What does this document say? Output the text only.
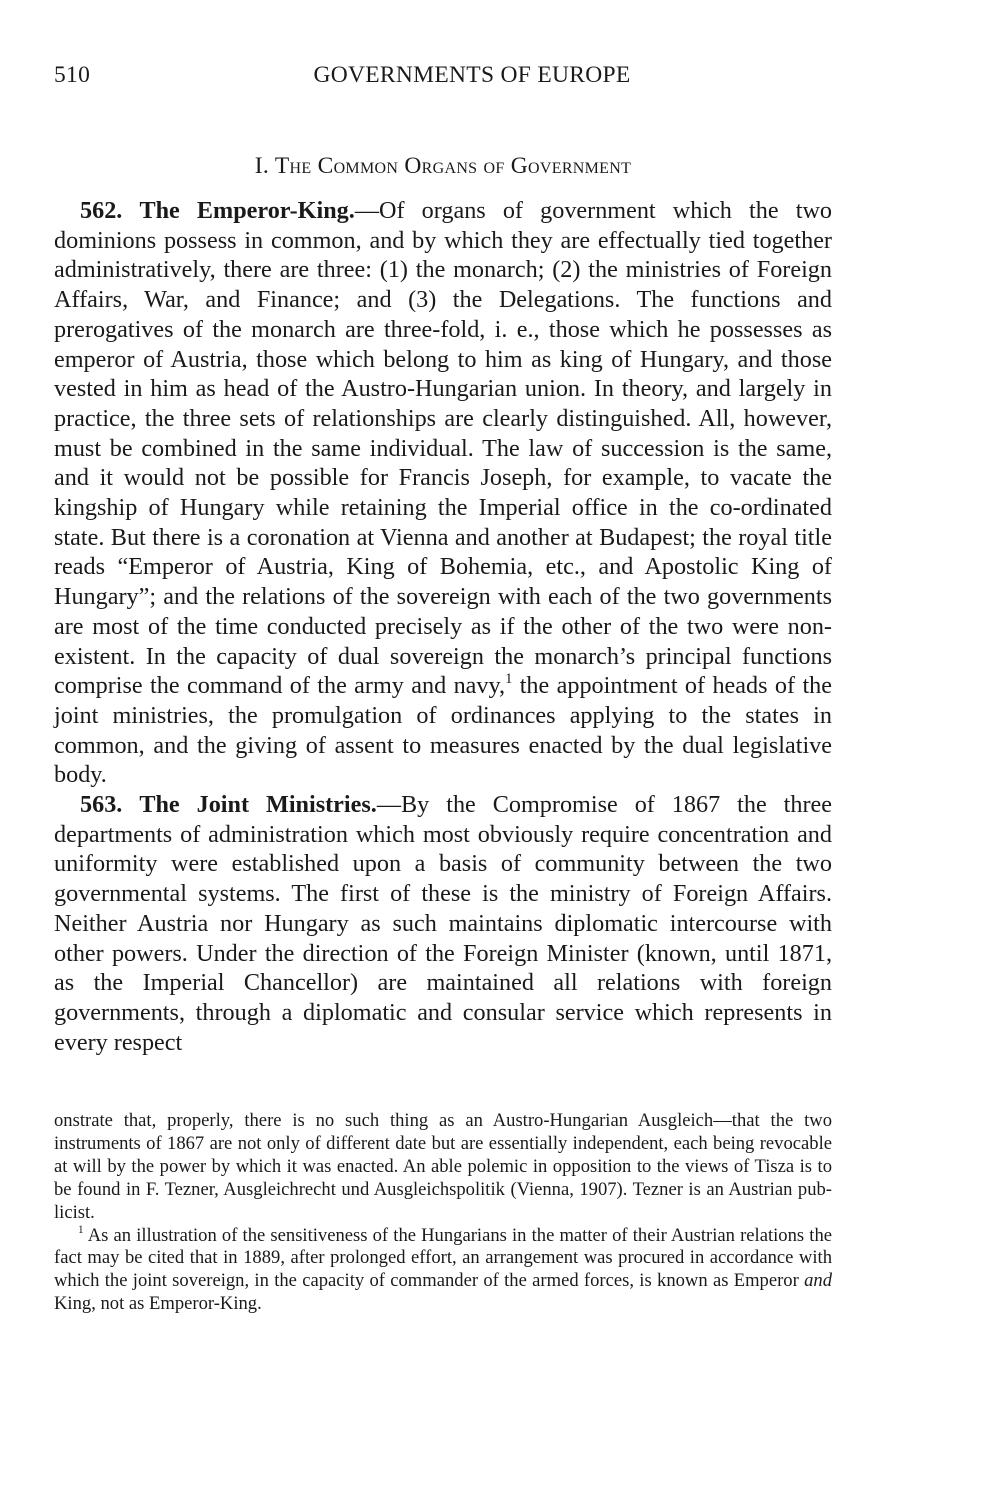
510	GOVERNMENTS OF EUROPE
I. The Common Organs of Government

562. The Emperor-King.—Of organs of government which the two dominions possess in common, and by which they are effectually tied together administratively, there are three: (1) the monarch; (2) the ministries of Foreign Affairs, War, and Finance; and (3) the Delegations. The functions and prerogatives of the monarch are three-fold, i. e., those which he possesses as emperor of Austria, those which belong to him as king of Hungary, and those vested in him as head of the Austro-Hungarian union. In theory, and largely in practice, the three sets of relationships are clearly distinguished. All, however, must be combined in the same individual. The law of succession is the same, and it would not be possible for Francis Joseph, for example, to vacate the kingship of Hungary while retaining the Imperial office in the co-ordinated state. But there is a coronation at Vienna and another at Budapest; the royal title reads “Emperor of Austria, King of Bohemia, etc., and Apostolic King of Hungary”; and the relations of the sovereign with each of the two governments are most of the time conducted precisely as if the other of the two were non-existent. In the capacity of dual sovereign the monarch’s principal functions comprise the command of the army and navy,$^1$ the appointment of heads of the joint ministries, the promulgation of ordinances applying to the states in common, and the giving of assent to measures enacted by the dual legislative body.

563. The Joint Ministries.—By the Compromise of 1867 the three departments of administration which most obviously require concentration and uniformity were established upon a basis of community between the two governmental systems. The first of these is the ministry of Foreign Affairs. Neither Austria nor Hungary as such maintains diplomatic intercourse with other powers. Under the direction of the Foreign Minister (known, until 1871, as the Imperial Chancellor) are maintained all relations with foreign governments, through a diplomatic and consular service which represents in every respect

onstrate that, properly, there is no such thing as an Austro-Hungarian Ausgleich—that the two instruments of 1867 are not only of different date but are essentially independent, each being revocable at will by the power by which it was enacted. An able polemic in opposition to the views of Tisza is to be found in F. Tezner, Ausgleichrecht und Ausgleichspolitik (Vienna, 1907). Tezner is an Austrian publicist.

$^1$ As an illustration of the sensitiveness of the Hungarians in the matter of their Austrian relations the fact may be cited that in 1889, after prolonged effort, an arrangement was procured in accordance with which the joint sovereign, in the capacity of commander of the armed forces, is known as Emperor and King, not as Emperor-King.
